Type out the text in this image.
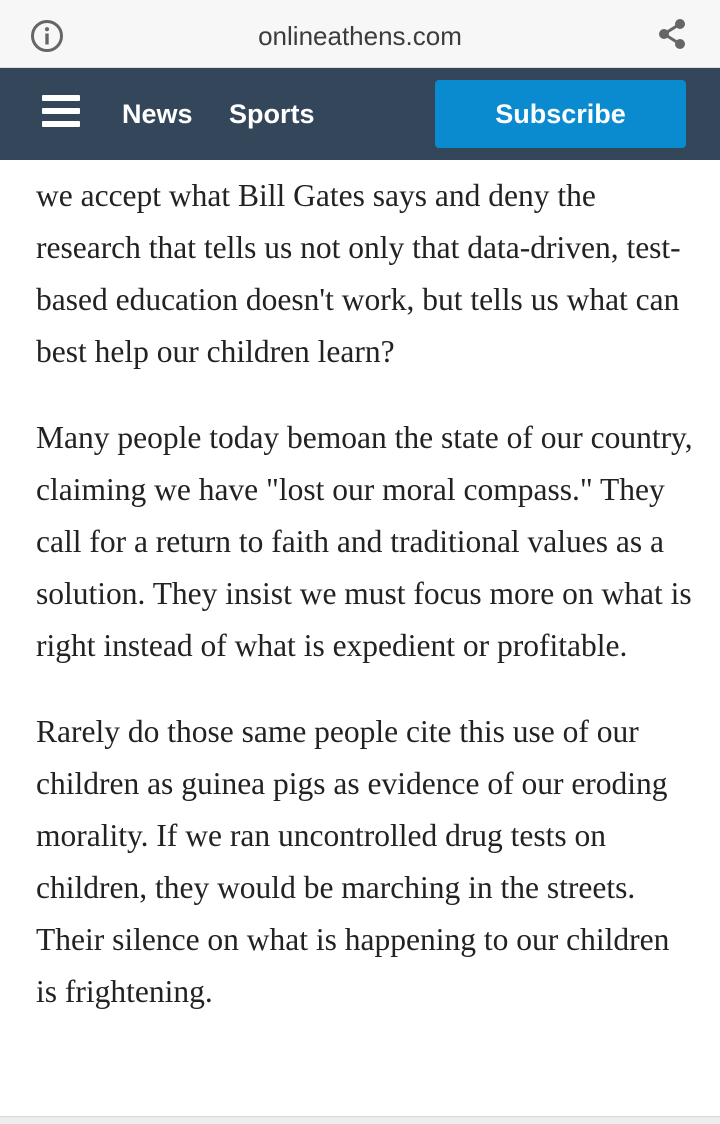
onlineathens.com
News Sports	Subscribe

we accept what Bill Gates says and deny the research that tells us not only that data-driven, test-based education doesn't work, but tells us what can best help our children learn?

Many people today bemoan the state of our country, claiming we have "lost our moral compass." They call for a return to faith and traditional values as a solution. They insist we must focus more on what is right instead of what is expedient or profitable.

Rarely do those same people cite this use of our children as guinea pigs as evidence of our eroding morality. If we ran uncontrolled drug tests on children, they would be marching in the streets. Their silence on what is happening to our children is frightening.
